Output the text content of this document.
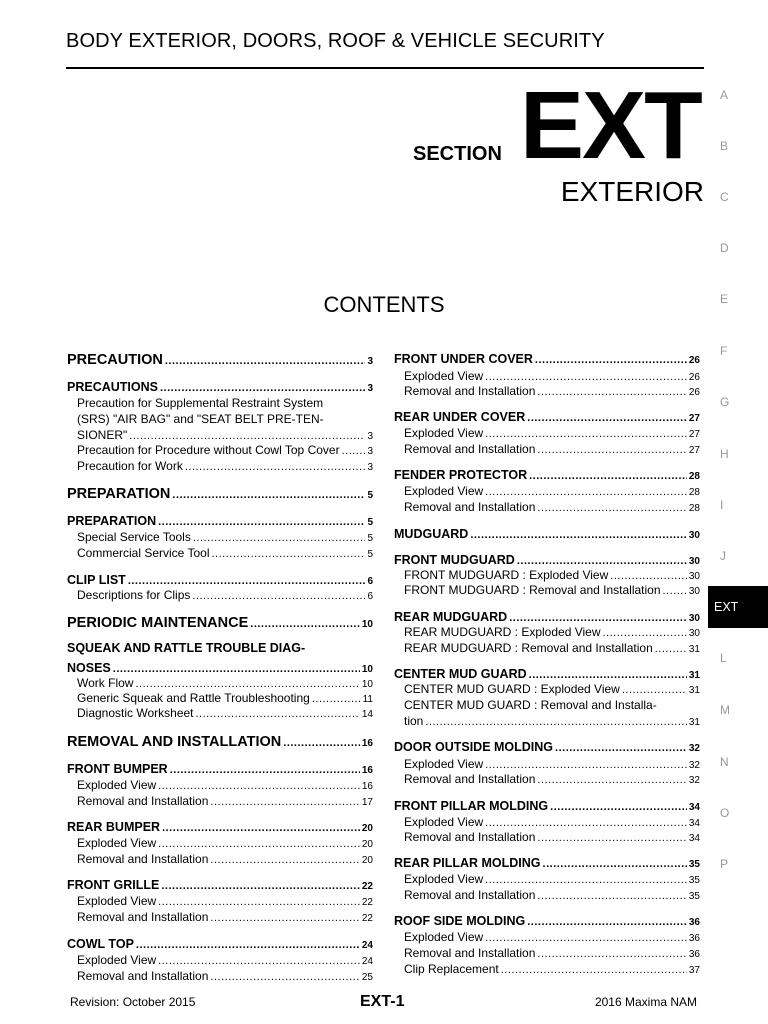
BODY EXTERIOR, DOORS, ROOF & VEHICLE SECURITY
SECTION EXT
EXTERIOR
CONTENTS
PRECAUTION .....	3
PRECAUTIONS .....	3
Precaution for Supplemental Restraint System
(SRS) "AIR BAG" and "SEAT BELT PRE-TEN-
SIONER" .....	3
Precaution for Procedure without Cowl Top Cover .....	3
Precaution for Work .....	3
PREPARATION .....	5
PREPARATION .....	5
Special Service Tools .....	5
Commercial Service Tool .....	5
CLIP LIST .....	6
Descriptions for Clips .....	6
PERIODIC MAINTENANCE .....	10
SQUEAK AND RATTLE TROUBLE DIAG-
NOSES .....	10
Work Flow .....	10
Generic Squeak and Rattle Troubleshooting .....	11
Diagnostic Worksheet .....	14
REMOVAL AND INSTALLATION .....	16
FRONT BUMPER .....	16
Exploded View .....	16
Removal and Installation .....	17
REAR BUMPER .....	20
Exploded View .....	20
Removal and Installation .....	20
FRONT GRILLE .....	22
Exploded View .....	22
Removal and Installation .....	22
COWL TOP .....	24
Exploded View .....	24
Removal and Installation .....	25
FRONT UNDER COVER .....	26
Exploded View .....	26
Removal and Installation .....	26
REAR UNDER COVER .....	27
Exploded View .....	27
Removal and Installation .....	27
FENDER PROTECTOR .....	28
Exploded View .....	28
Removal and Installation .....	28
MUDGUARD .....	30
FRONT MUDGUARD .....	30
FRONT MUDGUARD : Exploded View .....	30
FRONT MUDGUARD : Removal and Installation .....	30
REAR MUDGUARD .....	30
REAR MUDGUARD : Exploded View .....	30
REAR MUDGUARD : Removal and Installation .....	31
CENTER MUD GUARD .....	31
CENTER MUD GUARD : Exploded View .....	31
CENTER MUD GUARD : Removal and Installa-
tion .....	31
DOOR OUTSIDE MOLDING .....	32
Exploded View .....	32
Removal and Installation .....	32
FRONT PILLAR MOLDING .....	34
Exploded View .....	34
Removal and Installation .....	34
REAR PILLAR MOLDING .....	35
Exploded View .....	35
Removal and Installation .....	35
ROOF SIDE MOLDING .....	36
Exploded View .....	36
Removal and Installation .....	36
Clip Replacement .....	37
A
B
C
D
E
F
G
H
I
J
L
M
N
O
P
EXT
Revision: October 2015	EXT-1	2016 Maxima NAM
